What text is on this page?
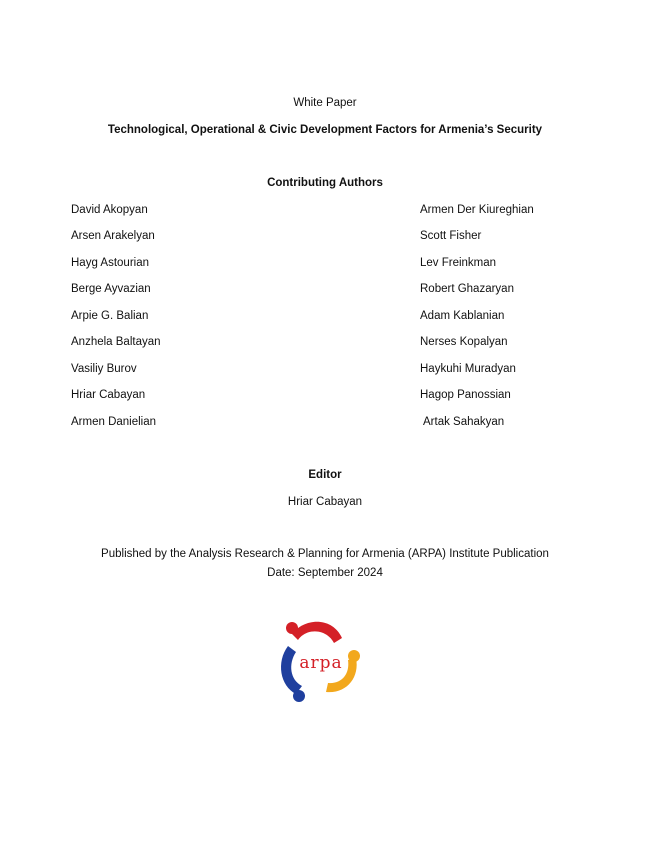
White Paper
Technological, Operational & Civic Development Factors for Armenia’s Security
Contributing Authors
David Akopyan
Arsen Arakelyan
Hayg Astourian
Berge Ayvazian
Arpie G. Balian
Anzhela Baltayan
Vasiliy Burov
Hriar Cabayan
Armen Danielian
Armen Der Kiureghian
Scott Fisher
Lev Freinkman
Robert Ghazaryan
Adam Kablanian
Nerses Kopalyan
Haykuhi Muradyan
Hagop Panossian
Artak Sahakyan
Editor
Hriar Cabayan
Published by the Analysis Research & Planning for Armenia (ARPA) Institute Publication
Date: September 2024
arpa
